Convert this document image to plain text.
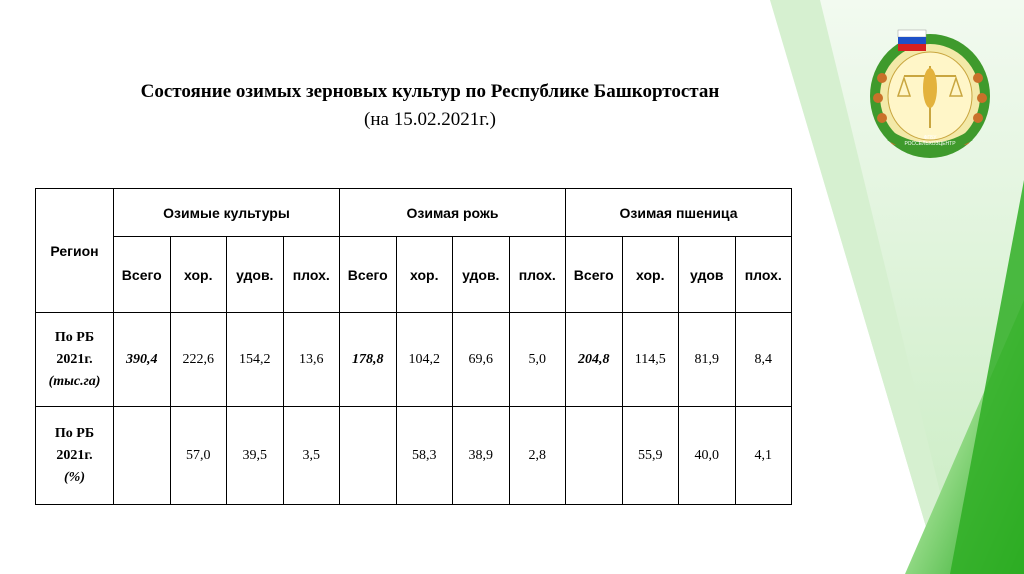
Состояние озимых зерновых культур по Республике Башкортостан
(на 15.02.2021г.)
ФГБУ РОССЕЛЬХОЗЦЕНТР
Регион	Озимые культуры				Озимая рожь				Озимая пшеница			
	Всего	хор.	удов.	плох.	Всего	хор.	удов.	плох.	Всего	хор.	удов	плох.

По РБ
2021г.
(тыс.га)	390,4	222,6	154,2	13,6	178,8	104,2	69,6	5,0	204,8	114,5	81,9	8,4

По РБ
2021г.
(%)		57,0	39,5	3,5		58,3	38,9	2,8		55,9	40,0	4,1
